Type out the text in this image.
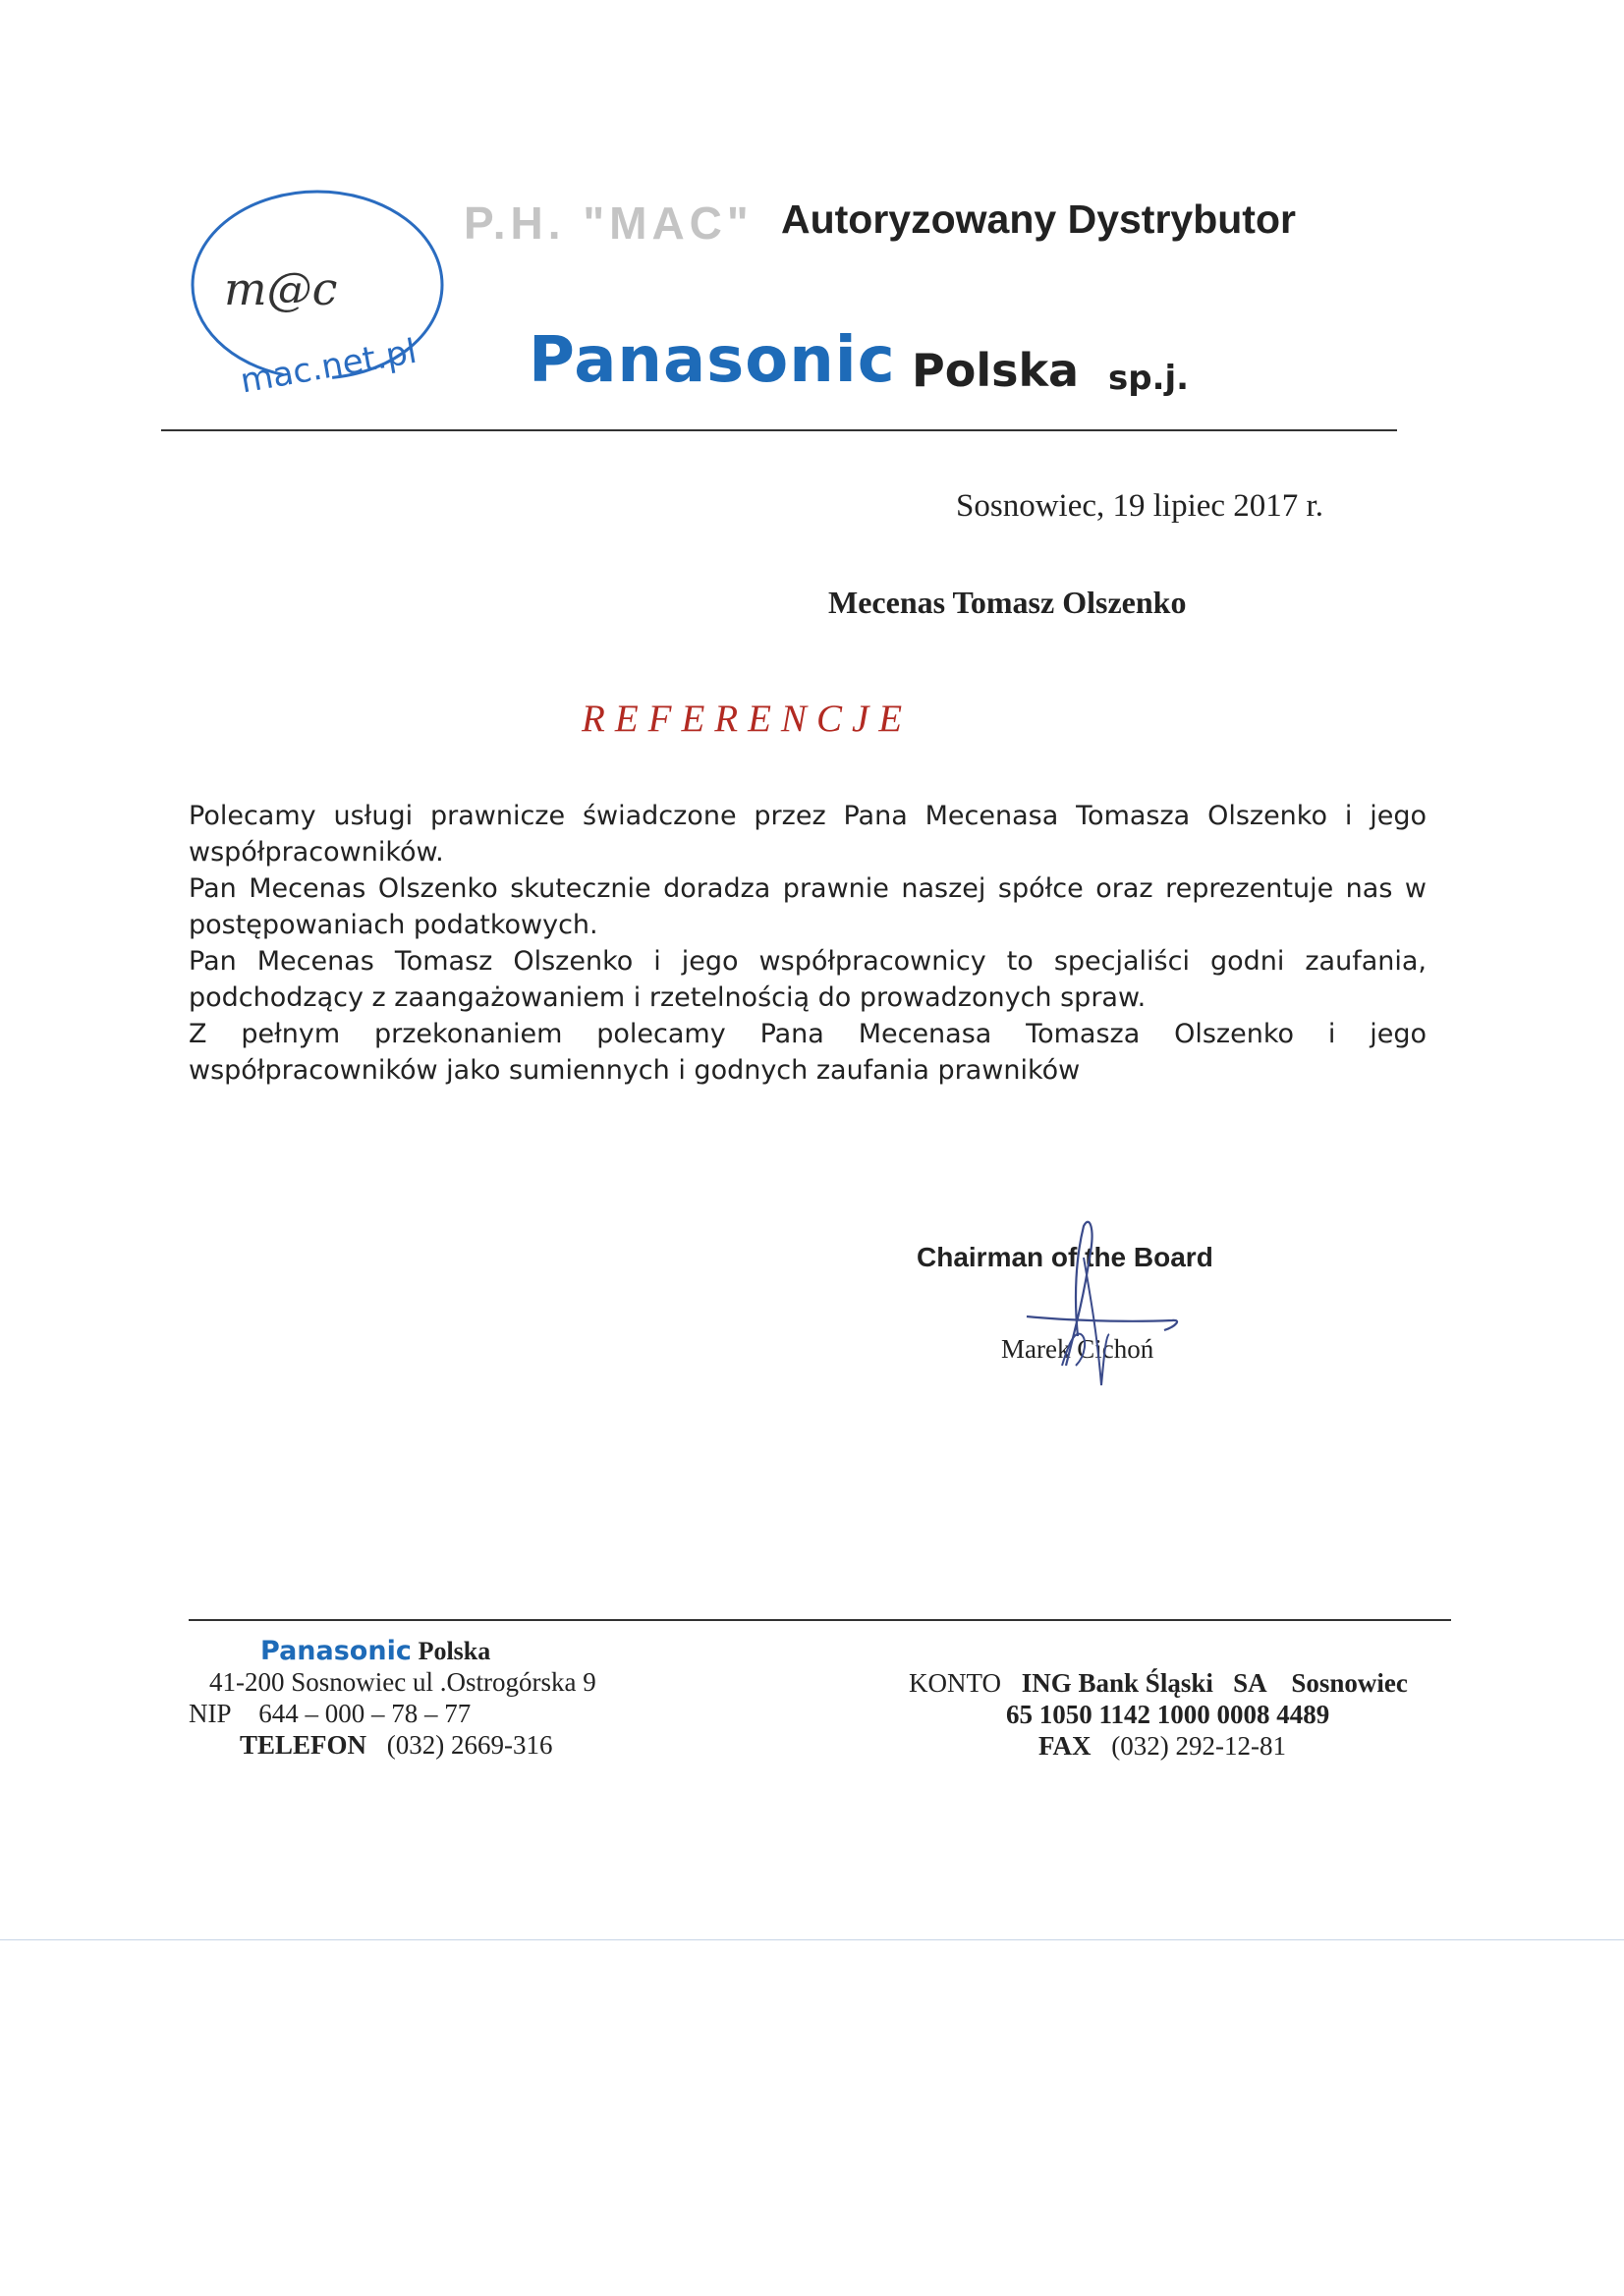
m@c
mac.net.pl
P.H. "MAC" Autoryzowany Dystrybutor
Panasonic Polska sp.j.
Sosnowiec, 19 lipiec 2017 r.
Mecenas Tomasz Olszenko
REFERENCJE

Polecamy usługi prawnicze świadczone przez Pana Mecenasa Tomasza Olszenko i jego współpracowników.

Pan Mecenas Olszenko skutecznie doradza prawnie naszej spółce oraz reprezentuje nas w postępowaniach podatkowych.

Pan Mecenas Tomasz Olszenko i jego współpracownicy to specjaliści godni zaufania, podchodzący z zaangażowaniem i rzetelnością do prowadzonych spraw.

Z pełnym przekonaniem polecamy Pana Mecenasa Tomasza Olszenko i jego współpracowników jako sumiennych i godnych zaufania prawników

Chairman of the Board
Marek Cichoń
Panasonic Polska
41-200 Sosnowiec ul .Ostrogórska 9
NIP 644 – 000 – 78 – 77
TELEFON (032) 2669-316
KONTO ING Bank Śląski   SA Sosnowiec
65 1050 1142 1000 0008 4489
FAX (032) 292-12-81
